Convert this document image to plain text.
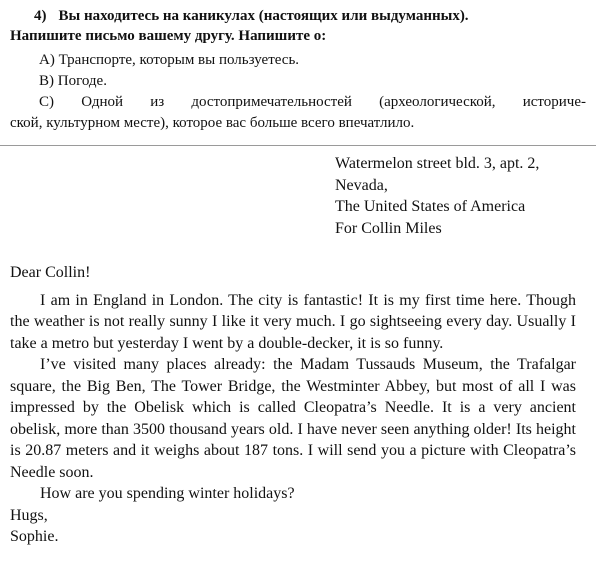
4) Вы находитесь на каникулах (настоящих или выдуманных).
Напишите письмо вашему другу. Напишите о:
A) Транспорте, которым вы пользуетесь.
B) Погоде.
C) Одной из достопримечательностей (археологической, историче-
ской, культурном месте), которое вас больше всего впечатлило.
Watermelon street bld. 3, apt. 2,
Nevada,
The United States of America
For Collin Miles

Dear Collin!

I am in England in London. The city is fantastic! It is my first time here. Though the weather is not really sunny I like it very much. I go sightseeing every day. Usually I take a metro but yesterday I went by a double-decker, it is so funny.

I’ve visited many places already: the Madam Tussauds Museum, the Trafalgar square, the Big Ben, The Tower Bridge, the Westminter Abbey, but most of all I was impressed by the Obelisk which is called Cleopatra’s Needle. It is a very ancient obelisk, more than 3500 thousand years old. I have never seen anything older! Its height is 20.87 meters and it weighs about 187 tons. I will send you a picture with Cleopatra’s Needle soon.

How are you spending winter holidays?

Hugs,

Sophie.
